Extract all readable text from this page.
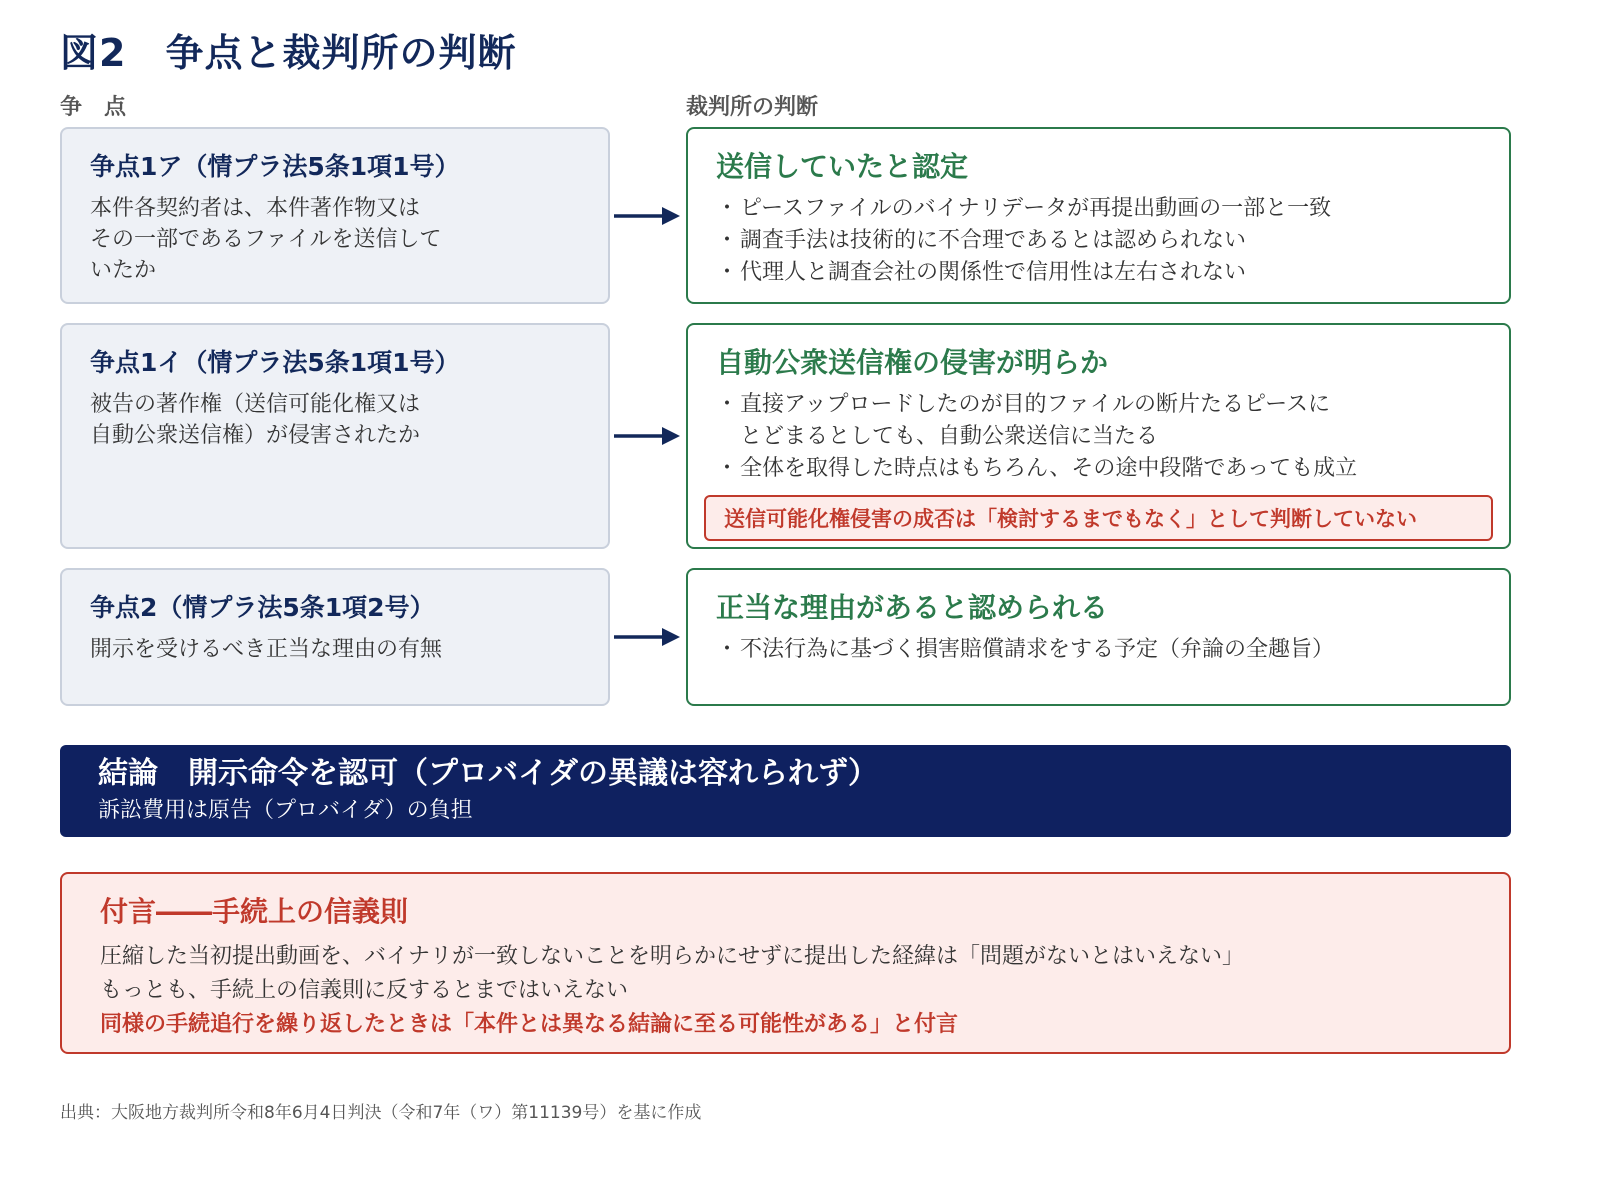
図2　争点と裁判所の判断
争　点	裁判所の判断
争点1ア（情プラ法5条1項1号）
本件各契約者は、本件著作物又は
その一部であるファイルを送信して
いたか
送信していたと認定
・ ピースファイルのバイナリデータが再提出動画の一部と一致
・ 調査手法は技術的に不合理であるとは認められない
・ 代理人と調査会社の関係性で信用性は左右されない
争点1イ（情プラ法5条1項1号）
被告の著作権（送信可能化権又は
自動公衆送信権）が侵害されたか
自動公衆送信権の侵害が明らか
・ 直接アップロードしたのが目的ファイルの断片たるピースに
とどまるとしても、自動公衆送信に当たる
・ 全体を取得した時点はもちろん、その途中段階であっても成立
送信可能化権侵害の成否は「検討するまでもなく」として判断していない
争点2（情プラ法5条1項2号）
開示を受けるべき正当な理由の有無
正当な理由があると認められる
・ 不法行為に基づく損害賠償請求をする予定（弁論の全趣旨）
結論　開示命令を認可（プロバイダの異議は容れられず）
訴訟費用は原告（プロバイダ）の負担
付言――手続上の信義則
圧縮した当初提出動画を、バイナリが一致しないことを明らかにせずに提出した経緯は「問題がないとはいえない」
もっとも、手続上の信義則に反するとまではいえない
同様の手続追行を繰り返したときは「本件とは異なる結論に至る可能性がある」と付言
出典：大阪地方裁判所令和8年6月4日判決（令和7年（ワ）第11139号）を基に作成
